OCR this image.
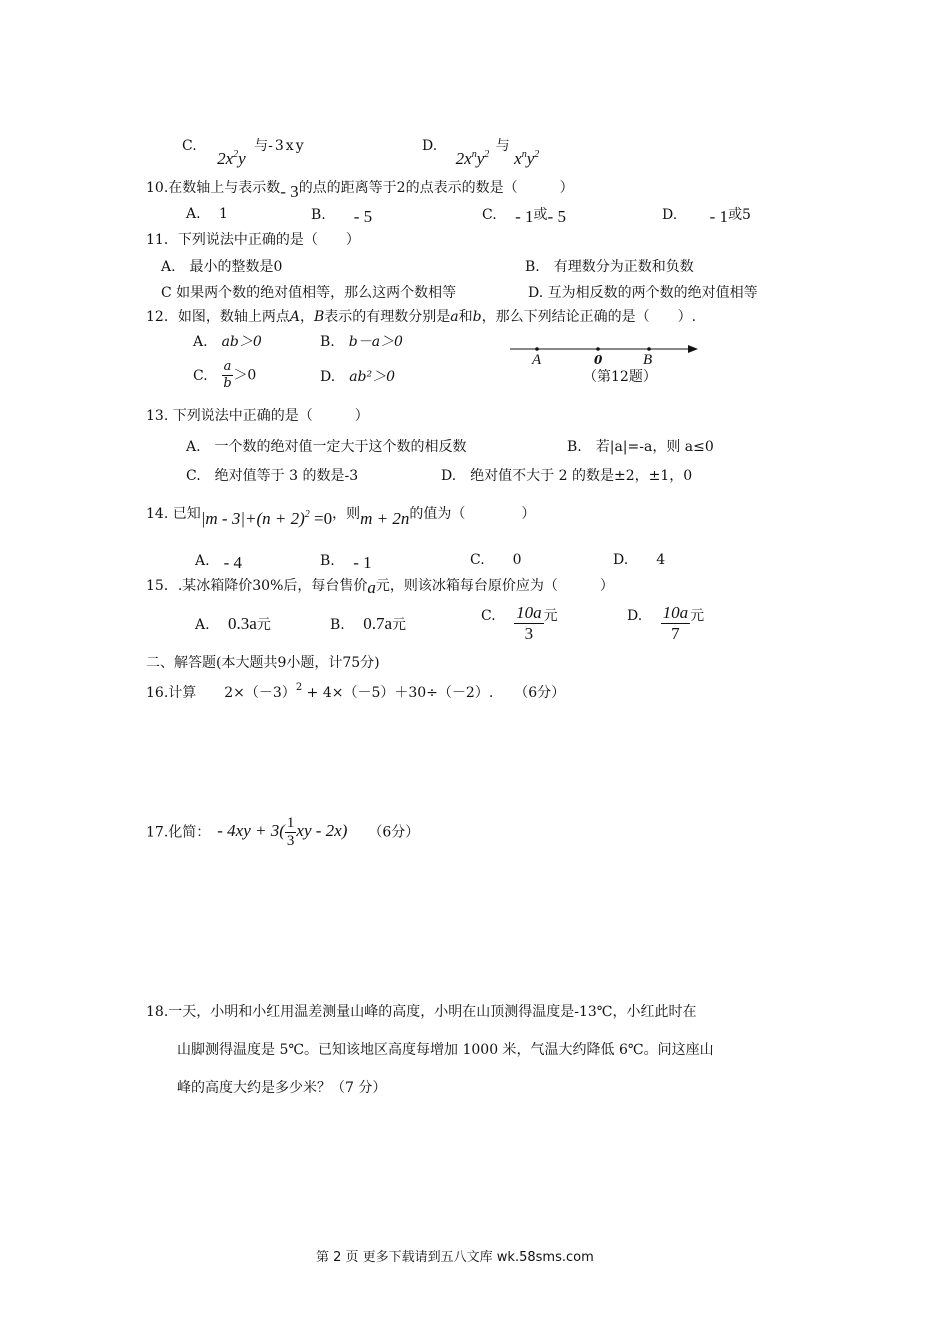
C. $2x^2y$ 与-3xy	D. $2x^ny^2$ 与 $x^ny^2$
10.在数轴上与表示数- 3的点的距离等于2的点表示的数是（　　　）
A.　 1	B.　　 - 5	C.　 - 1或- 5	D.　　 - 1或5
11．下列说法中正确的是（　　）
A.　最小的整数是0	B.　有理数分为正数和负数
C 如果两个数的绝对值相等，那么这两个数相等	D. 互为相反数的两个数的绝对值相等
12．如图，数轴上两点A，B表示的有理数分别是a和b，那么下列结论正确的是（　　）.
A.　 ab＞0	B.　 b－a＞0
C.　 $\frac{a}{b} >0$	D.　 ab²＞0
A	0	B
（第12题）
13. 下列说法中正确的是（　　　）
A.　一个数的绝对值一定大于这个数的相反数	B.　若|a|=-a，则 a≤0
C.　绝对值等于 3 的数是-3	D.　绝对值不大于 2 的数是±2，±1，0
14. 已知$|m - 3|+(n + 2)^2 =0$，则m + 2n的值为（　　　　）
A.　 - 4	B.　 - 1	C.　　 0	D.　　 4
15．.某冰箱降价30%后，每台售价a元，则该冰箱每台原价应为（　　　）
A.　 0.3a元	B.　 0.7a元
C.　 $\frac{10a}{3}$ 元	D.　 $\frac{10a}{7}$ 元
二、解答题(本大题共9小题，计75分)
16.计算　　 $2\times(-3)^2 + 4\times(-5)+30\div(-2)$.　　 （6分）
17.化简：　 - $4xy + 3( \frac{1}{3}$ xy - 2x)　　 （6分）
18.一天，小明和小红用温差测量山峰的高度，小明在山顶测得温度是-13℃，小红此时在
山脚测得温度是 5℃。已知该地区高度每增加 1000 米，气温大约降低 6℃。问这座山
峰的高度大约是多少米？（7 分）
第 2 页 更多下载请到五八文库 wk.58sms.com
